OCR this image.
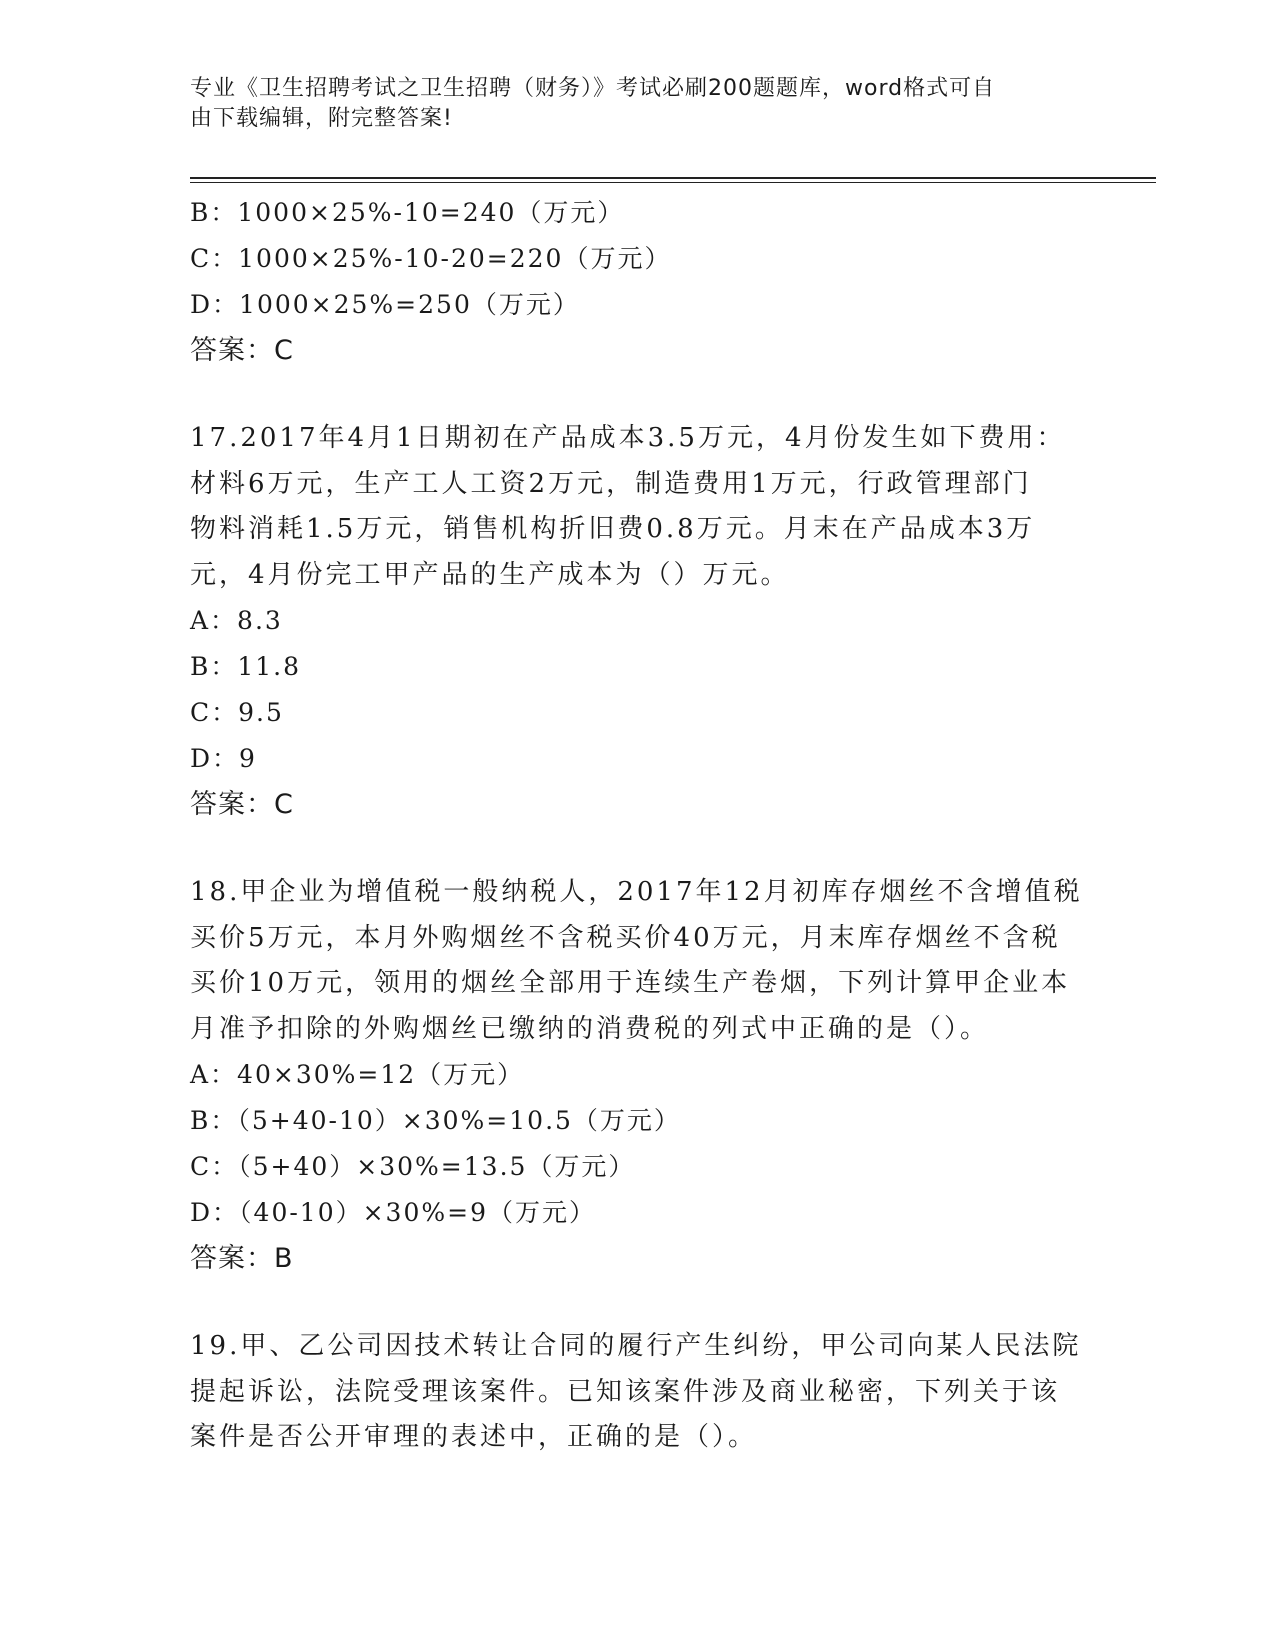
专业《卫生招聘考试之卫生招聘（财务）》考试必刷200题题库，word格式可自
由下载编辑，附完整答案!
B：1000×25%-10=240（万元）
C：1000×25%-10-20=220（万元）
D：1000×25%=250（万元）
答案：C

17.2017年4月1日期初在产品成本3.5万元，4月份发生如下费用：

材料6万元，生产工人工资2万元，制造费用1万元，行政管理部门

物料消耗1.5万元，销售机构折旧费0.8万元。月末在产品成本3万

元，4月份完工甲产品的生产成本为（）万元。

A：8.3
B：11.8
C：9.5
D：9
答案：C

18.甲企业为增值税一般纳税人，2017年12月初库存烟丝不含增值税

买价5万元，本月外购烟丝不含税买价40万元，月末库存烟丝不含税

买价10万元，领用的烟丝全部用于连续生产卷烟，下列计算甲企业本

月准予扣除的外购烟丝已缴纳的消费税的列式中正确的是（）。

A：40×30%=12（万元）
B：（5+40-10）×30%=10.5（万元）
C：（5+40）×30%=13.5（万元）
D：（40-10）×30%=9（万元）
答案：B

19.甲、乙公司因技术转让合同的履行产生纠纷，甲公司向某人民法院

提起诉讼，法院受理该案件。已知该案件涉及商业秘密，下列关于该

案件是否公开审理的表述中，正确的是（）。
